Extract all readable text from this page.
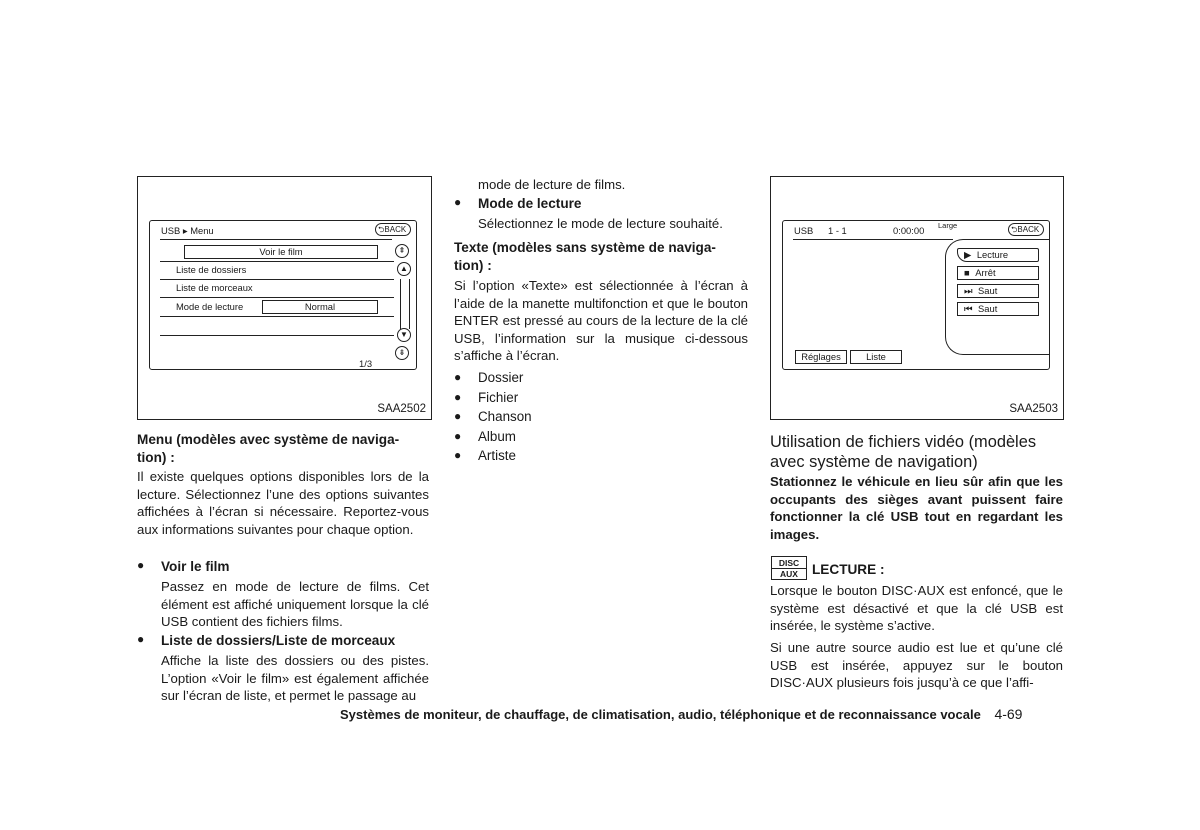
USB ▸ Menu	⮌BACK
Voir le film
Liste de dossiers
Liste de morceaux
Mode de lecture	Normal
⇞
▲
▼
⇟
1/3
SAA2502
Menu (modèles avec système de naviga- tion) :

Il existe quelques options disponibles lors de la lecture. Sélectionnez l’une des options suivantes affichées à l’écran si nécessaire. Reportez-vous aux informations suivantes pour chaque option.

● Voir le film

Passez en mode de lecture de films. Cet élément est affiché uniquement lorsque la clé USB contient des fichiers films.

● Liste de dossiers/Liste de morceaux

Affiche la liste des dossiers ou des pistes. L’option «Voir le film» est également affichée sur l’écran de liste, et permet le passage au

mode de lecture de films.

● Mode de lecture

Sélectionnez le mode de lecture souhaité.

Texte (modèles sans système de naviga- tion) :

Si l’option «Texte» est sélectionnée à l’écran à l’aide de la manette multifonction et que le bouton ENTER est pressé au cours de la lecture de la clé USB, l’information sur la musique ci-dessous s’affiche à l’écran.

● Dossier
● Fichier
● Chanson
● Album
● Artiste
USB 1 - 1	0:00:00 Large	⮌BACK
▶ Lecture
■ Arrêt
⏭ Saut
⏮ Saut
Réglages	Liste
SAA2503
Utilisation de fichiers vidéo (modèles avec système de navigation)

Stationnez le véhicule en lieu sûr afin que les occupants des sièges avant puissent faire fonctionner la clé USB tout en regardant les images.

DISC
AUX	LECTURE :

Lorsque le bouton DISC·AUX est enfoncé, que le système est désactivé et que la clé USB est insérée, le système s’active.

Si une autre source audio est lue et qu’une clé USB est insérée, appuyez sur le bouton DISC·AUX plusieurs fois jusqu’à ce que l’affi-

Systèmes de moniteur, de chauffage, de climatisation, audio, téléphonique et de reconnaissance vocale 4-69
